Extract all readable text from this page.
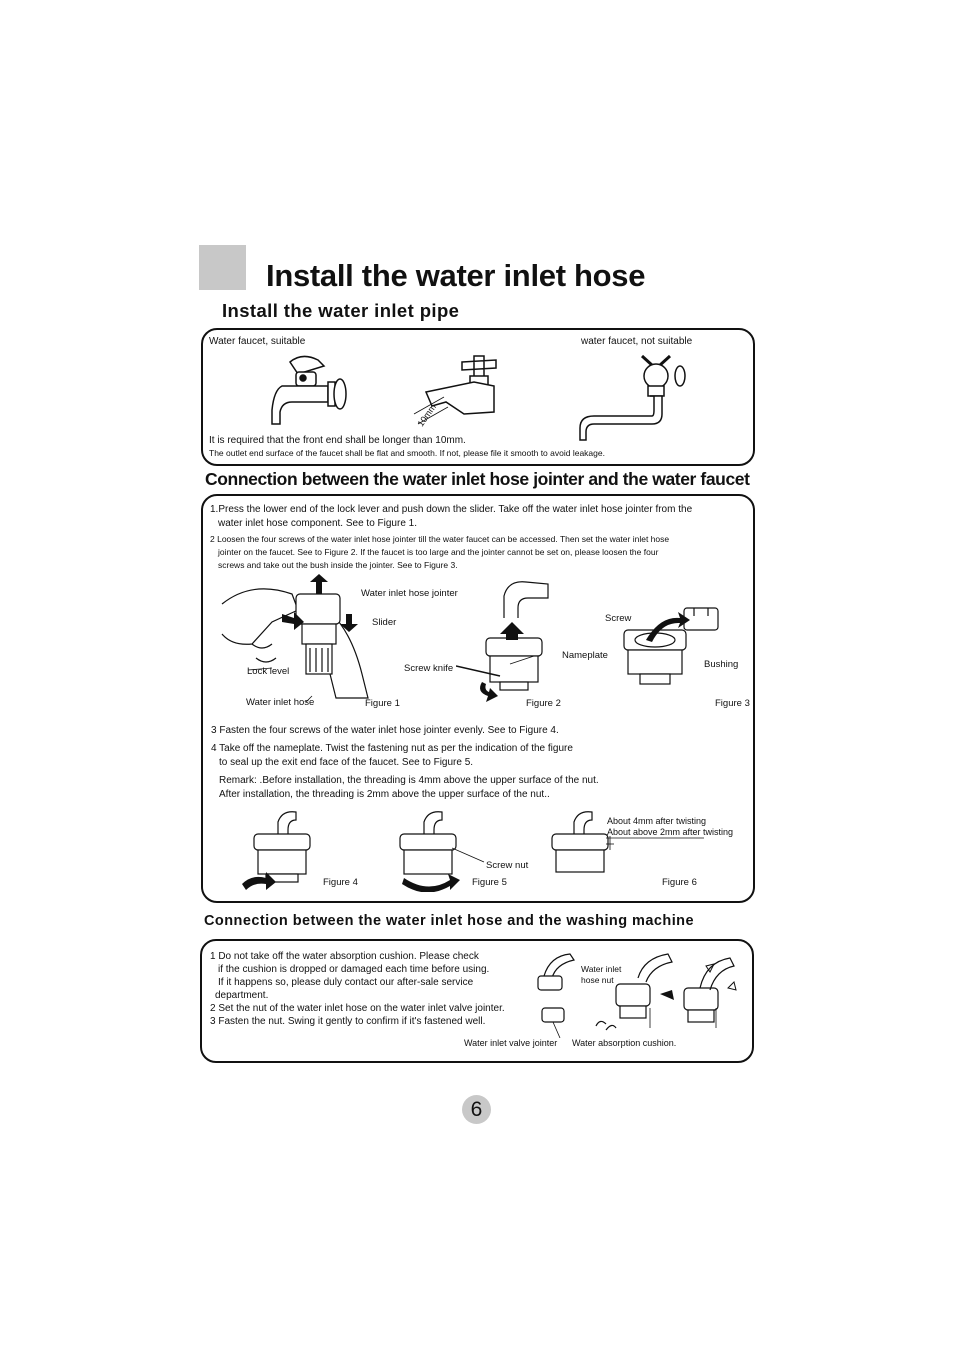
Install the water inlet hose
Install the water inlet pipe
Water faucet, suitable	water faucet, not suitable
10mm
It is required that the front end shall be longer than 10mm.
The outlet end surface of the faucet shall be flat and smooth. If not, please file it smooth to avoid leakage.
Connection between the water inlet hose jointer and the water faucet
1.Press the lower end of the lock lever and push down the slider. Take off the water inlet hose jointer from the
water inlet hose component. See to Figure 1.
2 Loosen the four screws of the water inlet hose jointer till the water faucet can be accessed. Then set the water inlet hose
jointer on the faucet. See to Figure 2. If the faucet is too large and the jointer cannot be set on, please loosen the four
screws and take out the bush inside the jointer. See to Figure 3.
Water inlet hose jointer
Slider
Lock level
Water inlet hose	Figure 1
Screw knife
Nameplate
Figure 2
Screw
Bushing
Figure 3
3 Fasten the four screws of the water inlet hose jointer evenly. See to Figure 4.
4 Take off the nameplate. Twist the fastening nut as per the indication of the figure
to seal up the exit end face of the faucet. See to Figure 5.
Remark: .Before installation, the threading is 4mm above the upper surface of the nut.
After installation, the threading is 2mm above the upper surface of the nut..
Figure 4
Screw nut
Figure 5
About 4mm after twisting
About above 2mm after twisting
Figure 6
Connection between the water inlet hose and the washing machine
1 Do not take off the water absorption cushion. Please check
if the cushion is dropped or damaged each time before using.
If it happens so, please duly contact our after-sale service
department.
2 Set the nut of the water inlet hose on the water inlet valve jointer.
3 Fasten the nut. Swing it gently to confirm if it's fastened well.
Water inlet
hose nut
Water inlet valve jointer Water absorption cushion.
6
